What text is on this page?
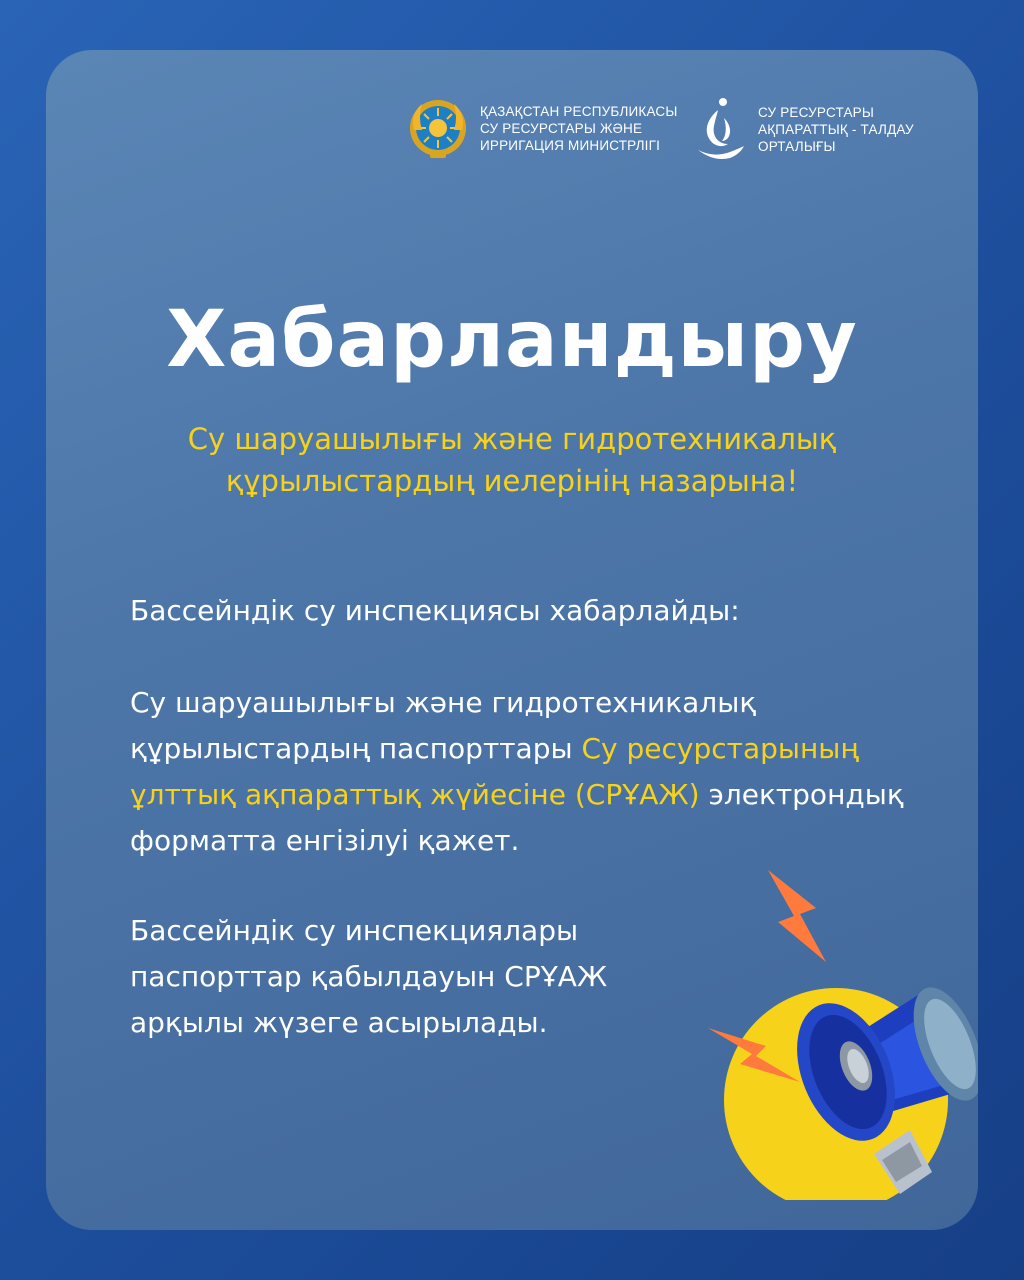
ҚАЗАҚСТАН РЕСПУБЛИКАСЫ
СУ РЕСУРСТАРЫ ЖӘНЕ
ИРРИГАЦИЯ МИНИСТРЛІГІ
СУ РЕСУРСТАРЫ
АҚПАРАТТЫҚ - ТАЛДАУ
ОРТАЛЫҒЫ
Хабарландыру
Су шаруашылығы және гидротехникалық
құрылыстардың иелерінің назарына!
Бассейндік су инспекциясы хабарлайды:
Су шаруашылығы және гидротехникалық
құрылыстардың паспорттары Су ресурстарының
ұлттық ақпараттық жүйесіне (СРҰАЖ) электрондық
форматта енгізілуі қажет.
Бассейндік су инспекциялары
паспорттар қабылдауын СРҰАЖ
арқылы жүзеге асырылады.
